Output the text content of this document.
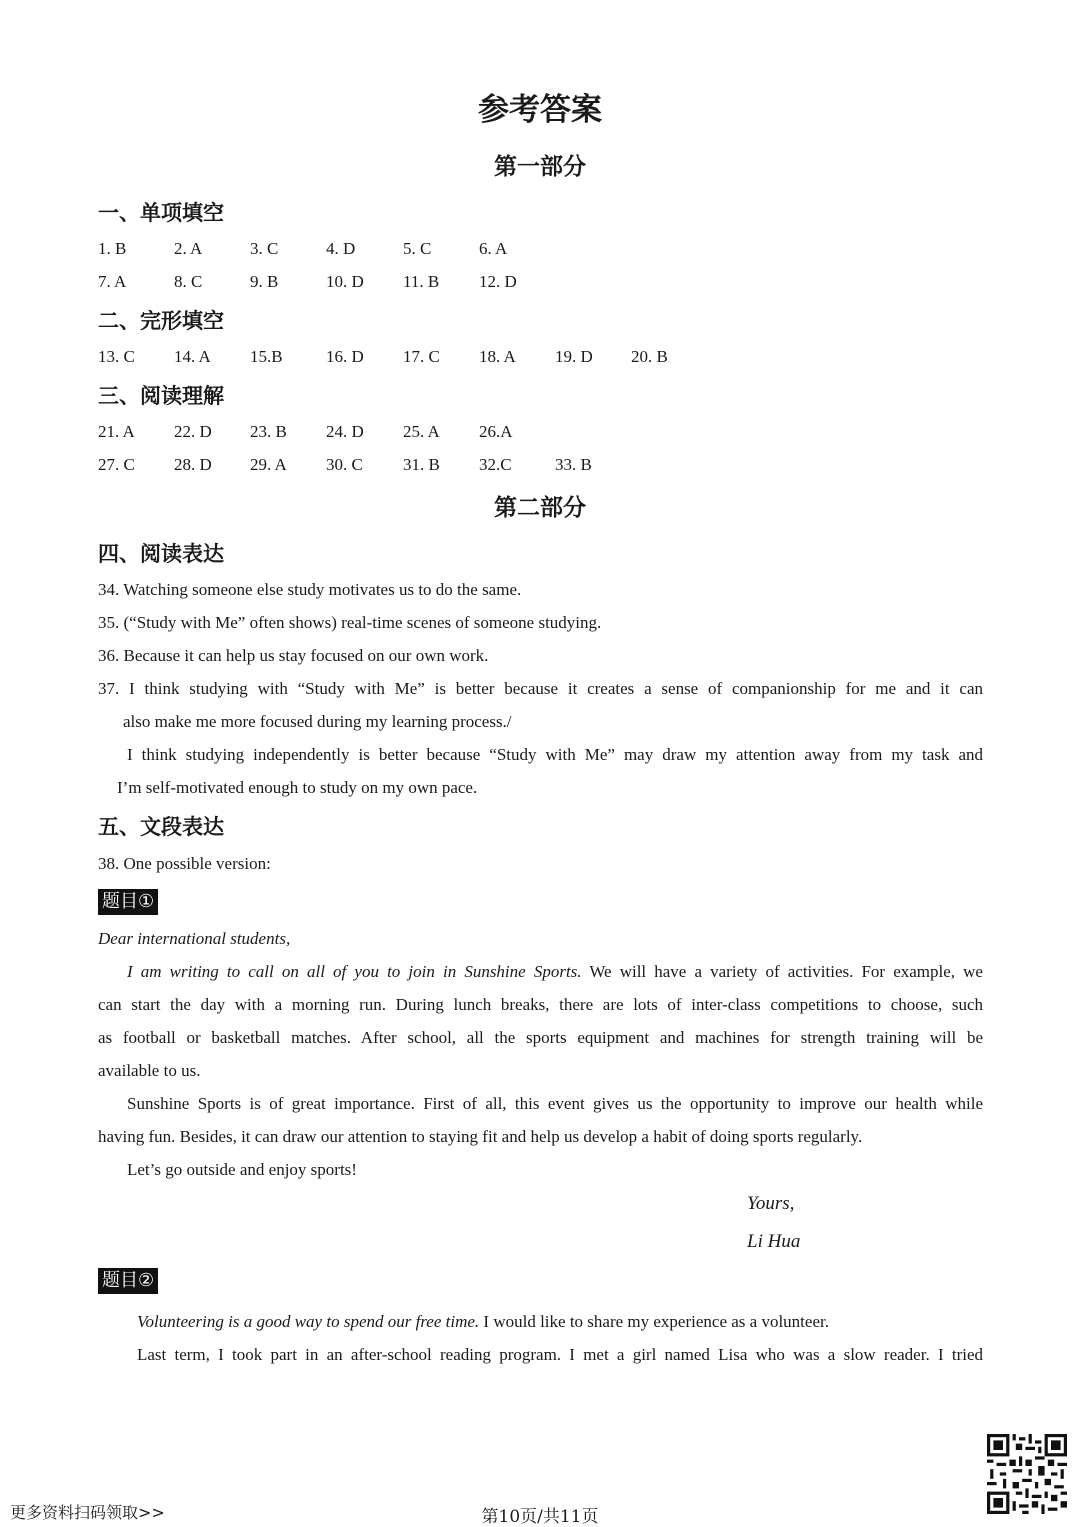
参考答案
第一部分
一、单项填空
1. B	2. A	3. C	4. D	5. C	6. A
7. A	8. C	9. B	10. D 11. B 12. D
二、完形填空
13. C 14. A 15.B	16. D 17. C 18. A 19. D 20. B
三、阅读理解
21. A 22. D 23. B 24. D 25. A 26.A
27. C 28. D 29. A 30. C 31. B 32.C	33. B
第二部分
四、阅读表达
34. Watching someone else study motivates us to do the same.
35. (“Study with Me” often shows) real-time scenes of someone studying.
36. Because it can help us stay focused on our own work.
37. I think studying with “Study with Me” is better because it creates a sense of companionship for me and it can
also make me more focused during my learning process./
I think studying independently is better because “Study with Me” may draw my attention away from my task and
I’m self-motivated enough to study on my own pace.
五、文段表达
38. One possible version:
题目①
Dear international students,
I am writing to call on all of you to join in Sunshine Sports. We will have a variety of activities. For example, we
can start the day with a morning run. During lunch breaks, there are lots of inter-class competitions to choose, such
as football or basketball matches. After school, all the sports equipment and machines for strength training will be
available to us.
Sunshine Sports is of great importance. First of all, this event gives us the opportunity to improve our health while
having fun. Besides, it can draw our attention to staying fit and help us develop a habit of doing sports regularly.
Let’s go outside and enjoy sports!
Yours,
Li Hua
题目②
Volunteering is a good way to spend our free time. I would like to share my experience as a volunteer.
Last term, I took part in an after-school reading program. I met a girl named Lisa who was a slow reader. I tried
更多资料扫码领取>>	第10页/共11页
